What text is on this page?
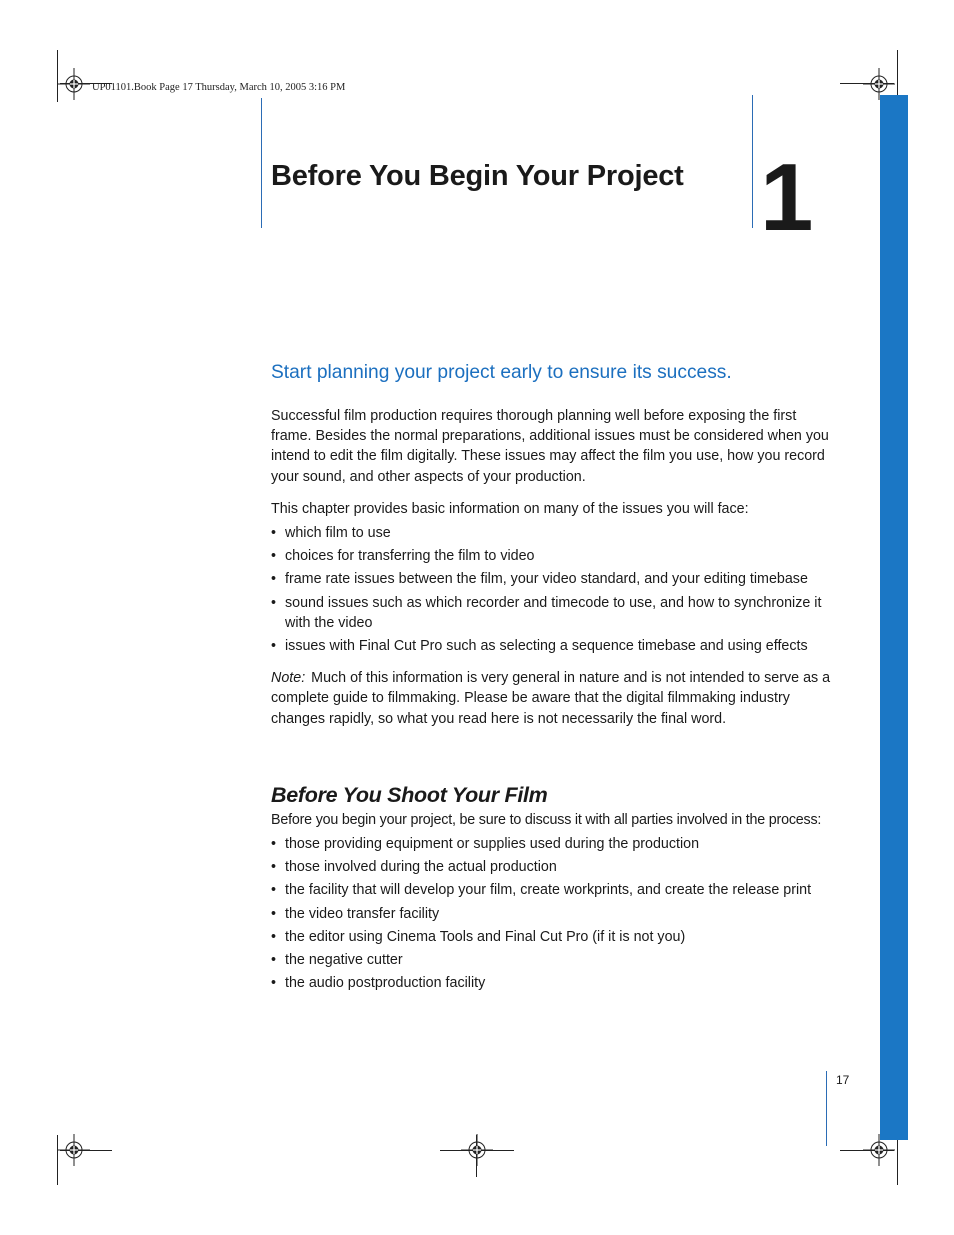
UP01101.Book Page 17 Thursday, March 10, 2005 3:16 PM
Before You Begin Your Project 1
Start planning your project early to ensure its success.

Successful film production requires thorough planning well before exposing the first frame. Besides the normal preparations, additional issues must be considered when you intend to edit the film digitally. These issues may affect the film you use, how you record your sound, and other aspects of your production.

This chapter provides basic information on many of the issues you will face:

• which film to use
• choices for transferring the film to video
• frame rate issues between the film, your video standard, and your editing timebase
• sound issues such as which recorder and timecode to use, and how to synchronize it with the video
• issues with Final Cut Pro such as selecting a sequence timebase and using effects

Note: Much of this information is very general in nature and is not intended to serve as a complete guide to filmmaking. Please be aware that the digital filmmaking industry changes rapidly, so what you read here is not necessarily the final word.

Before You Shoot Your Film

Before you begin your project, be sure to discuss it with all parties involved in the process:

• those providing equipment or supplies used during the production
• those involved during the actual production
• the facility that will develop your film, create workprints, and create the release print
• the video transfer facility
• the editor using Cinema Tools and Final Cut Pro (if it is not you)
• the negative cutter
• the audio postproduction facility
17
